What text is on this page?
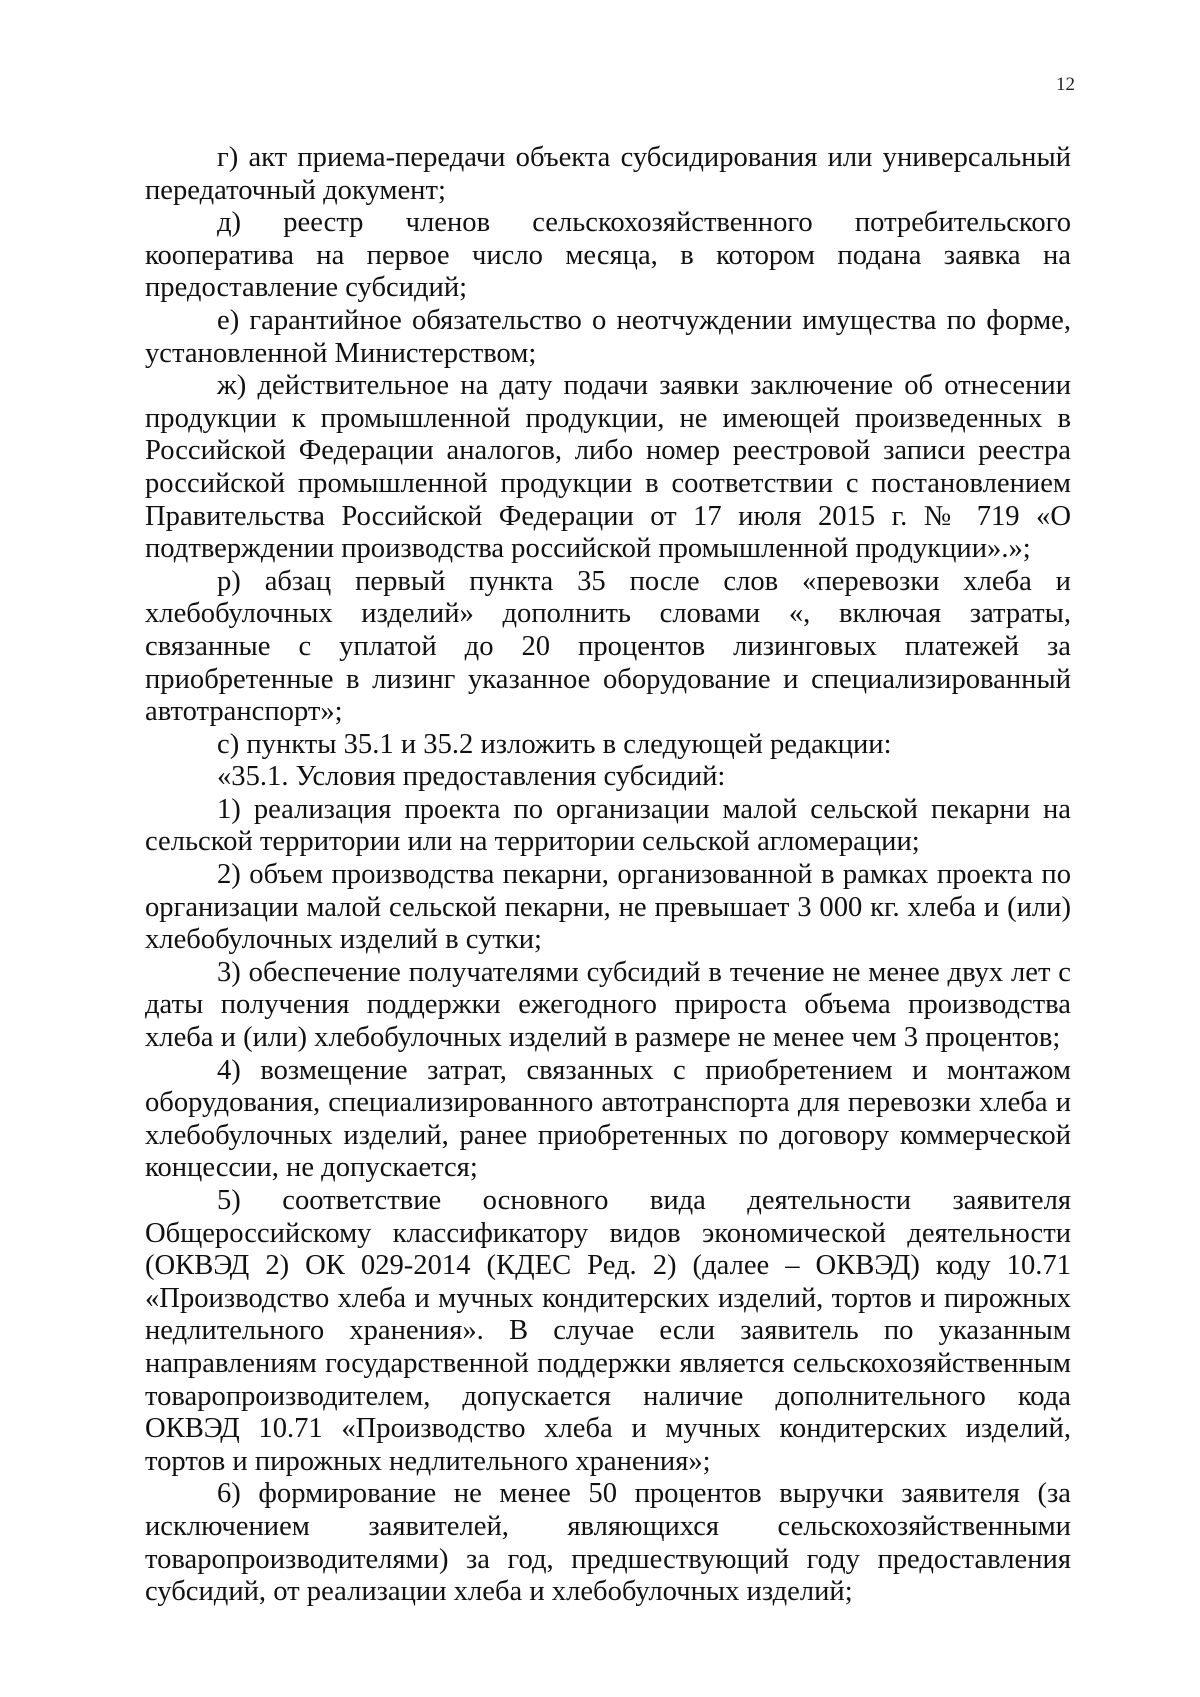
12

г) акт приема-передачи объекта субсидирования или универсальный передаточный документ;

д) реестр членов сельскохозяйственного потребительского кооператива на первое число месяца, в котором подана заявка на предоставление субсидий;

е) гарантийное обязательство о неотчуждении имущества по форме, установленной Министерством;

ж) действительное на дату подачи заявки заключение об отнесении продукции к промышленной продукции, не имеющей произведенных в Российской Федерации аналогов, либо номер реестровой записи реестра российской промышленной продукции в соответствии с постановлением Правительства Российской Федерации от 17 июля 2015 г. № 719 «О подтверждении производства российской промышленной продукции».»;

р) абзац первый пункта 35 после слов «перевозки хлеба и хлебобулочных изделий» дополнить словами «, включая затраты, связанные с уплатой до 20 процентов лизинговых платежей за приобретенные в лизинг указанное оборудование и специализированный автотранспорт»;

с) пункты 35.1 и 35.2 изложить в следующей редакции:

«35.1. Условия предоставления субсидий:

1) реализация проекта по организации малой сельской пекарни на сельской территории или на территории сельской агломерации;

2) объем производства пекарни, организованной в рамках проекта по организации малой сельской пекарни, не превышает 3 000 кг. хлеба и (или) хлебобулочных изделий в сутки;

3) обеспечение получателями субсидий в течение не менее двух лет с даты получения поддержки ежегодного прироста объема производства хлеба и (или) хлебобулочных изделий в размере не менее чем 3 процентов;

4) возмещение затрат, связанных с приобретением и монтажом оборудования, специализированного автотранспорта для перевозки хлеба и хлебобулочных изделий, ранее приобретенных по договору коммерческой концессии, не допускается;

5) соответствие основного вида деятельности заявителя Общероссийскому классификатору видов экономической деятельности (ОКВЭД 2) ОК 029-2014 (КДЕС Ред. 2) (далее – ОКВЭД) коду 10.71 «Производство хлеба и мучных кондитерских изделий, тортов и пирожных недлительного хранения». В случае если заявитель по указанным направлениям государственной поддержки является сельскохозяйственным товаропроизводителем, допускается наличие дополнительного кода ОКВЭД 10.71 «Производство хлеба и мучных кондитерских изделий, тортов и пирожных недлительного хранения»;

6) формирование не менее 50 процентов выручки заявителя (за исключением заявителей, являющихся сельскохозяйственными товаропроизводителями) за год, предшествующий году предоставления субсидий, от реализации хлеба и хлебобулочных изделий;
